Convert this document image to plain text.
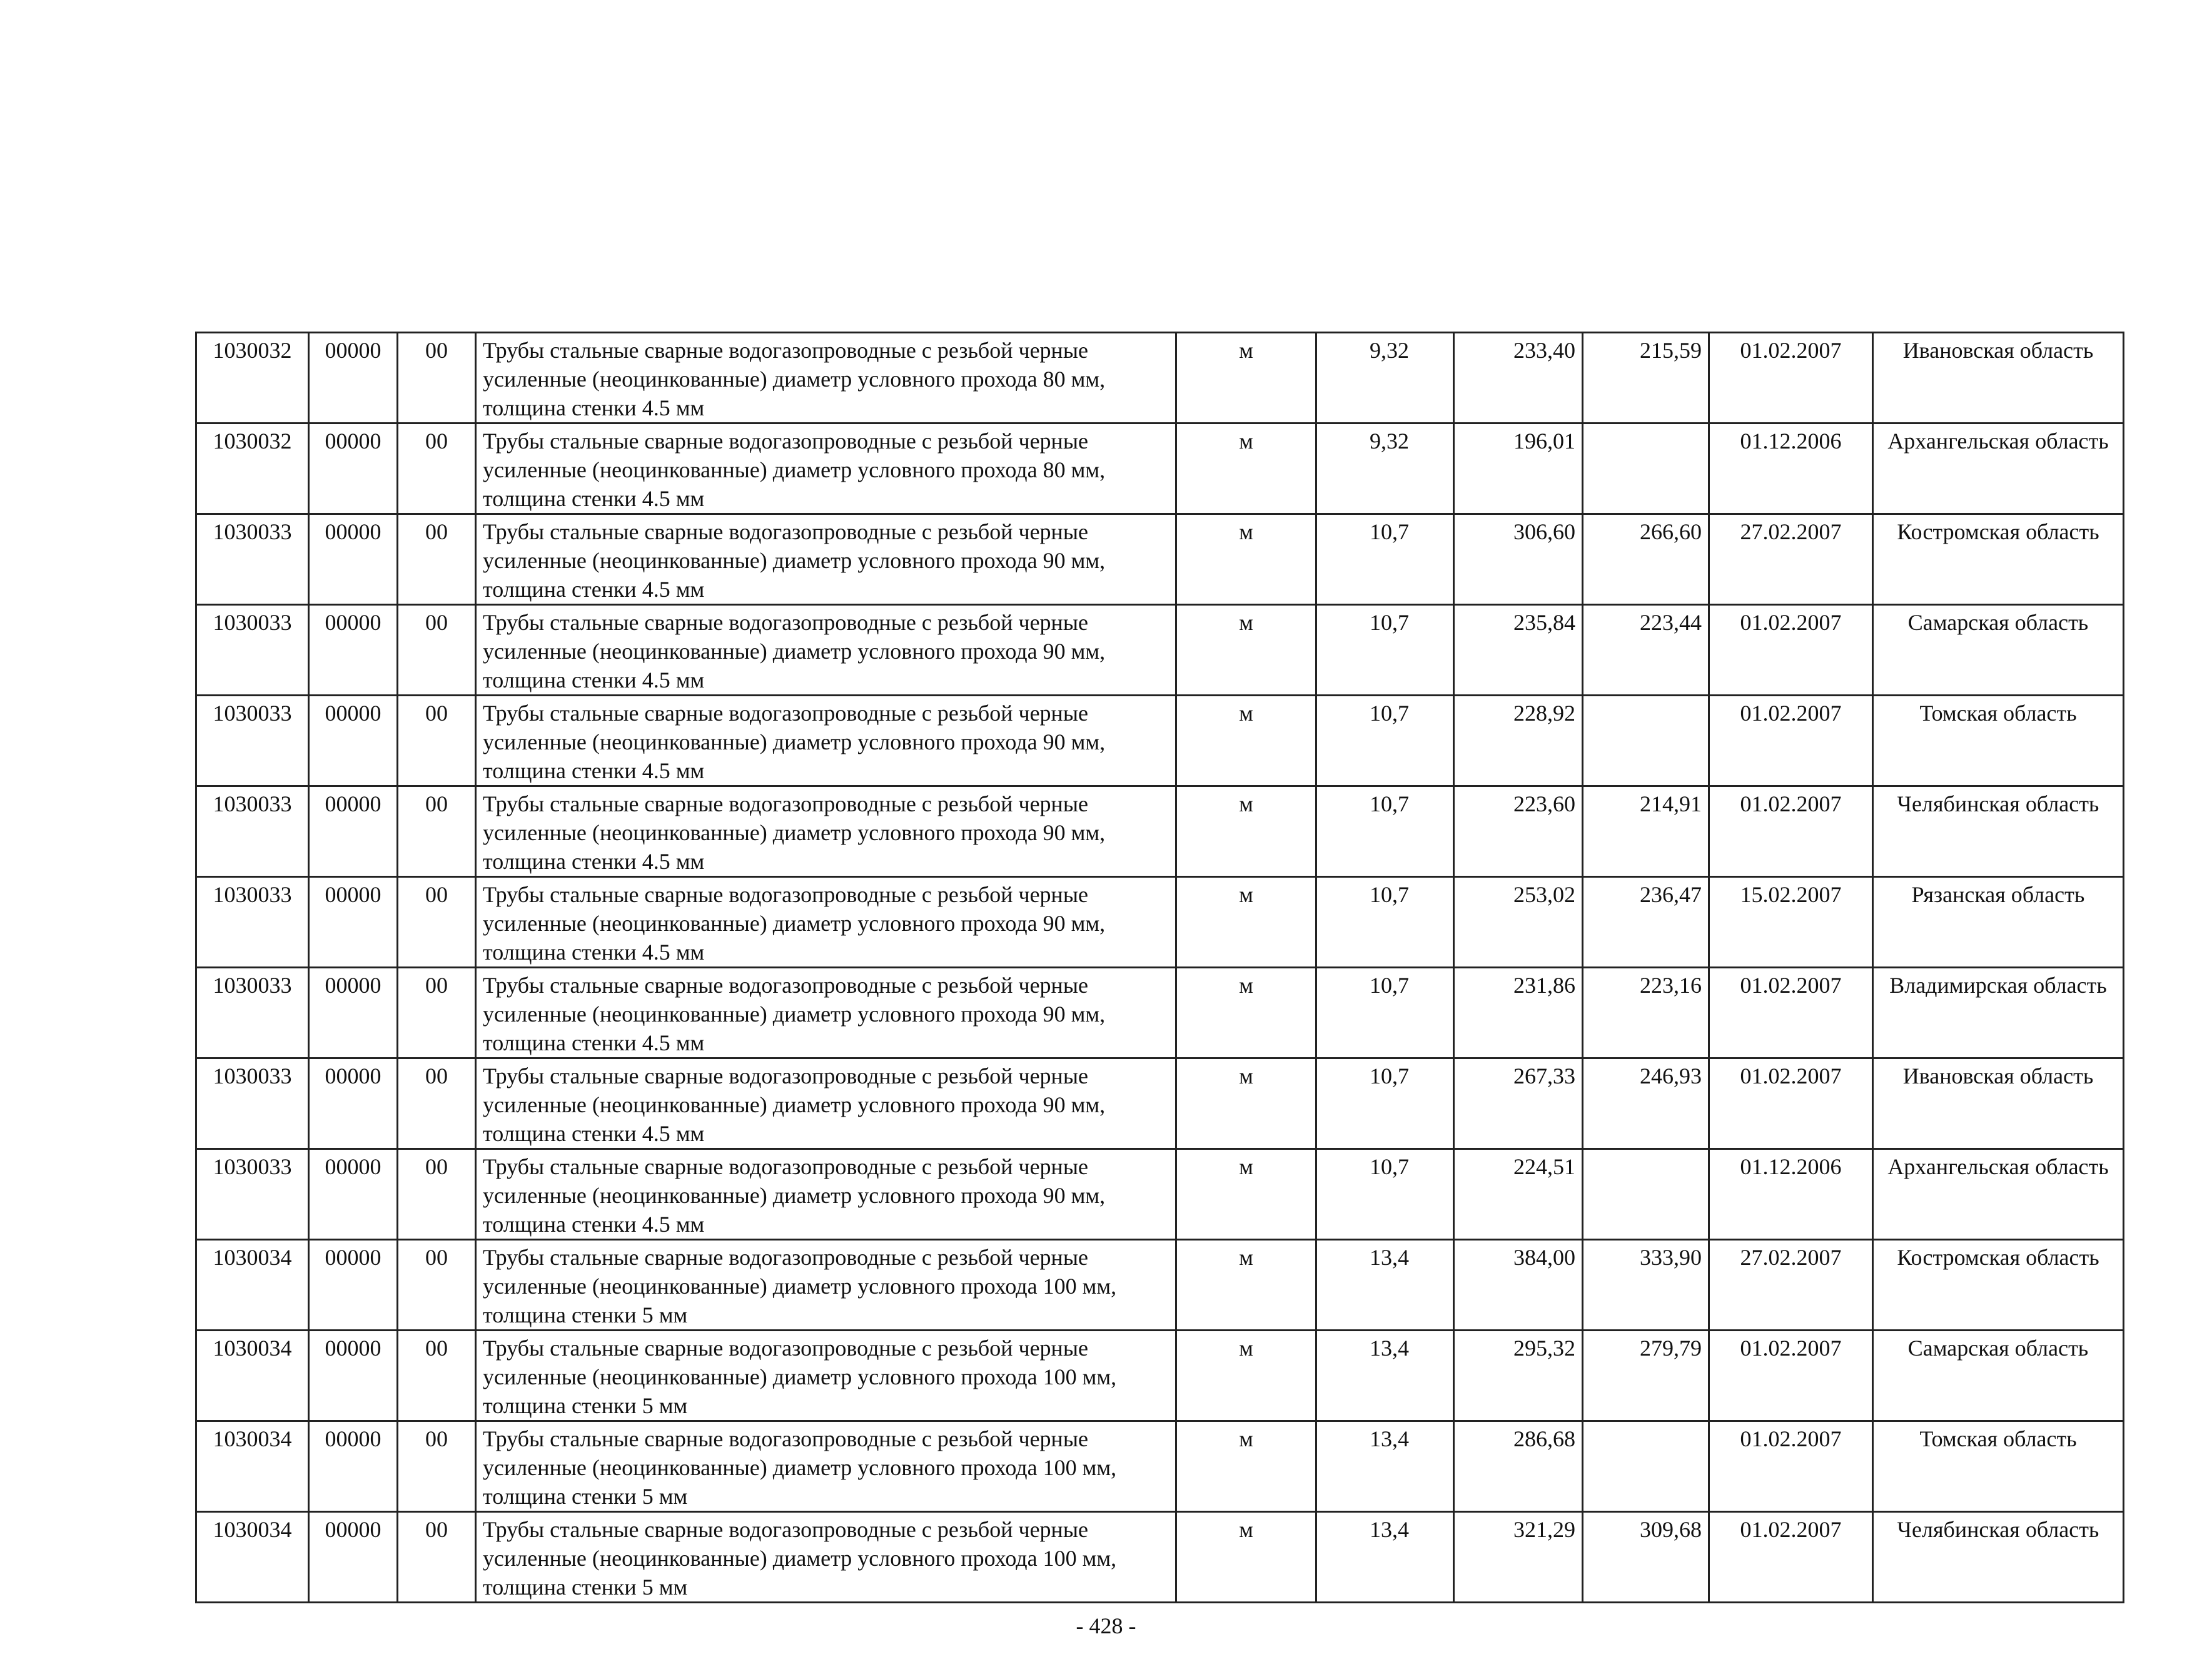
1030032	00000	00	Трубы стальные сварные водогазопроводные с резьбой черные усиленные (неоцинкованные) диаметр условного прохода 80 мм, толщина стенки 4.5 мм	м	9,32	233,40	215,59	01.02.2007	Ивановская область
1030032	00000	00	Трубы стальные сварные водогазопроводные с резьбой черные усиленные (неоцинкованные) диаметр условного прохода 80 мм, толщина стенки 4.5 мм	м	9,32	196,01		01.12.2006	Архангельская область
1030033	00000	00	Трубы стальные сварные водогазопроводные с резьбой черные усиленные (неоцинкованные) диаметр условного прохода 90 мм, толщина стенки 4.5 мм	м	10,7	306,60	266,60	27.02.2007	Костромская область
1030033	00000	00	Трубы стальные сварные водогазопроводные с резьбой черные усиленные (неоцинкованные) диаметр условного прохода 90 мм, толщина стенки 4.5 мм	м	10,7	235,84	223,44	01.02.2007	Самарская область
1030033	00000	00	Трубы стальные сварные водогазопроводные с резьбой черные усиленные (неоцинкованные) диаметр условного прохода 90 мм, толщина стенки 4.5 мм	м	10,7	228,92		01.02.2007	Томская область
1030033	00000	00	Трубы стальные сварные водогазопроводные с резьбой черные усиленные (неоцинкованные) диаметр условного прохода 90 мм, толщина стенки 4.5 мм	м	10,7	223,60	214,91	01.02.2007	Челябинская область
1030033	00000	00	Трубы стальные сварные водогазопроводные с резьбой черные усиленные (неоцинкованные) диаметр условного прохода 90 мм, толщина стенки 4.5 мм	м	10,7	253,02	236,47	15.02.2007	Рязанская область
1030033	00000	00	Трубы стальные сварные водогазопроводные с резьбой черные усиленные (неоцинкованные) диаметр условного прохода 90 мм, толщина стенки 4.5 мм	м	10,7	231,86	223,16	01.02.2007	Владимирская область
1030033	00000	00	Трубы стальные сварные водогазопроводные с резьбой черные усиленные (неоцинкованные) диаметр условного прохода 90 мм, толщина стенки 4.5 мм	м	10,7	267,33	246,93	01.02.2007	Ивановская область
1030033	00000	00	Трубы стальные сварные водогазопроводные с резьбой черные усиленные (неоцинкованные) диаметр условного прохода 90 мм, толщина стенки 4.5 мм	м	10,7	224,51		01.12.2006	Архангельская область
1030034	00000	00	Трубы стальные сварные водогазопроводные с резьбой черные усиленные (неоцинкованные) диаметр условного прохода 100 мм, толщина стенки 5 мм	м	13,4	384,00	333,90	27.02.2007	Костромская область
1030034	00000	00	Трубы стальные сварные водогазопроводные с резьбой черные усиленные (неоцинкованные) диаметр условного прохода 100 мм, толщина стенки 5 мм	м	13,4	295,32	279,79	01.02.2007	Самарская область
1030034	00000	00	Трубы стальные сварные водогазопроводные с резьбой черные усиленные (неоцинкованные) диаметр условного прохода 100 мм, толщина стенки 5 мм	м	13,4	286,68		01.02.2007	Томская область
1030034	00000	00	Трубы стальные сварные водогазопроводные с резьбой черные усиленные (неоцинкованные) диаметр условного прохода 100 мм, толщина стенки 5 мм	м	13,4	321,29	309,68	01.02.2007	Челябинская область
- 428 -
